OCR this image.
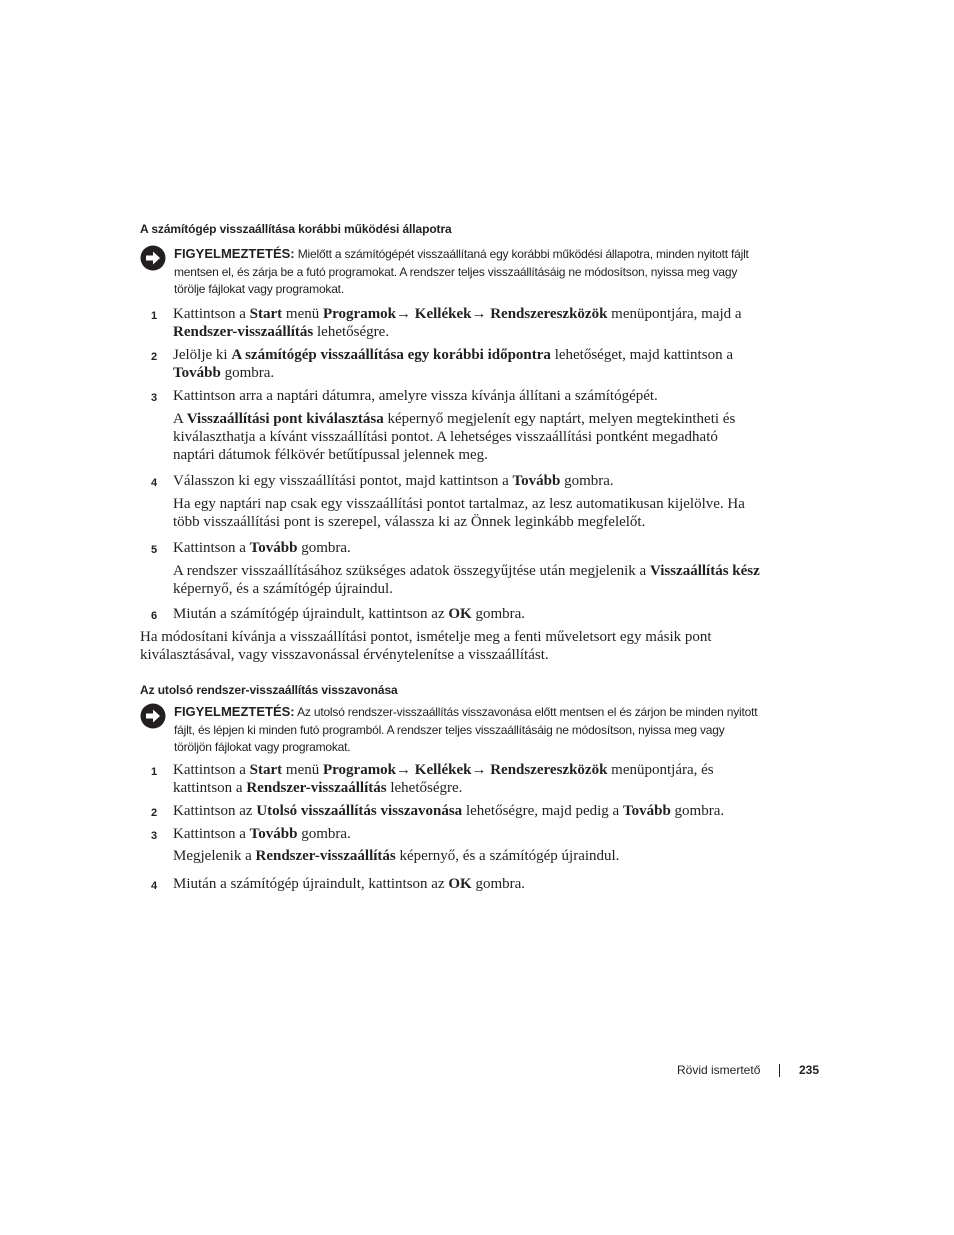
A számítógép visszaállítása korábbi működési állapotra
FIGYELMEZTETÉS: Mielőtt a számítógépét visszaállítaná egy korábbi működési állapotra, minden nyitott fájlt mentsen el, és zárja be a futó programokat. A rendszer teljes visszaállításáig ne módosítson, nyissa meg vagy törölje fájlokat vagy programokat.
1 Kattintson a Start menü Programok→ Kellékek→ Rendszereszközök menüpontjára, majd a Rendszer-visszaállítás lehetőségre.
2 Jelölje ki A számítógép visszaállítása egy korábbi időpontra lehetőséget, majd kattintson a Tovább gombra.
3 Kattintson arra a naptári dátumra, amelyre vissza kívánja állítani a számítógépét.
A Visszaállítási pont kiválasztása képernyő megjelenít egy naptárt, melyen megtekintheti és kiválaszthatja a kívánt visszaállítási pontot. A lehetséges visszaállítási pontként megadható naptári dátumok félkövér betűtípussal jelennek meg.
4 Válasszon ki egy visszaállítási pontot, majd kattintson a Tovább gombra.
Ha egy naptári nap csak egy visszaállítási pontot tartalmaz, az lesz automatikusan kijelölve. Ha több visszaállítási pont is szerepel, válassza ki az Önnek leginkább megfelelőt.
5 Kattintson a Tovább gombra.
A rendszer visszaállításához szükséges adatok összegyűjtése után megjelenik a Visszaállítás kész képernyő, és a számítógép újraindul.
6 Miután a számítógép újraindult, kattintson az OK gombra.
Ha módosítani kívánja a visszaállítási pontot, ismételje meg a fenti műveletsort egy másik pont kiválasztásával, vagy visszavonással érvénytelenítse a visszaállítást.
Az utolsó rendszer-visszaállítás visszavonása
FIGYELMEZTETÉS: Az utolsó rendszer-visszaállítás visszavonása előtt mentsen el és zárjon be minden nyitott fájlt, és lépjen ki minden futó programból. A rendszer teljes visszaállításáig ne módosítson, nyissa meg vagy töröljön fájlokat vagy programokat.
1 Kattintson a Start menü Programok→ Kellékek→ Rendszereszközök menüpontjára, és kattintson a Rendszer-visszaállítás lehetőségre.
2 Kattintson az Utolsó visszaállítás visszavonása lehetőségre, majd pedig a Tovább gombra.
3 Kattintson a Tovább gombra.
Megjelenik a Rendszer-visszaállítás képernyő, és a számítógép újraindul.
4 Miután a számítógép újraindult, kattintson az OK gombra.
Rövid ismertető	235
